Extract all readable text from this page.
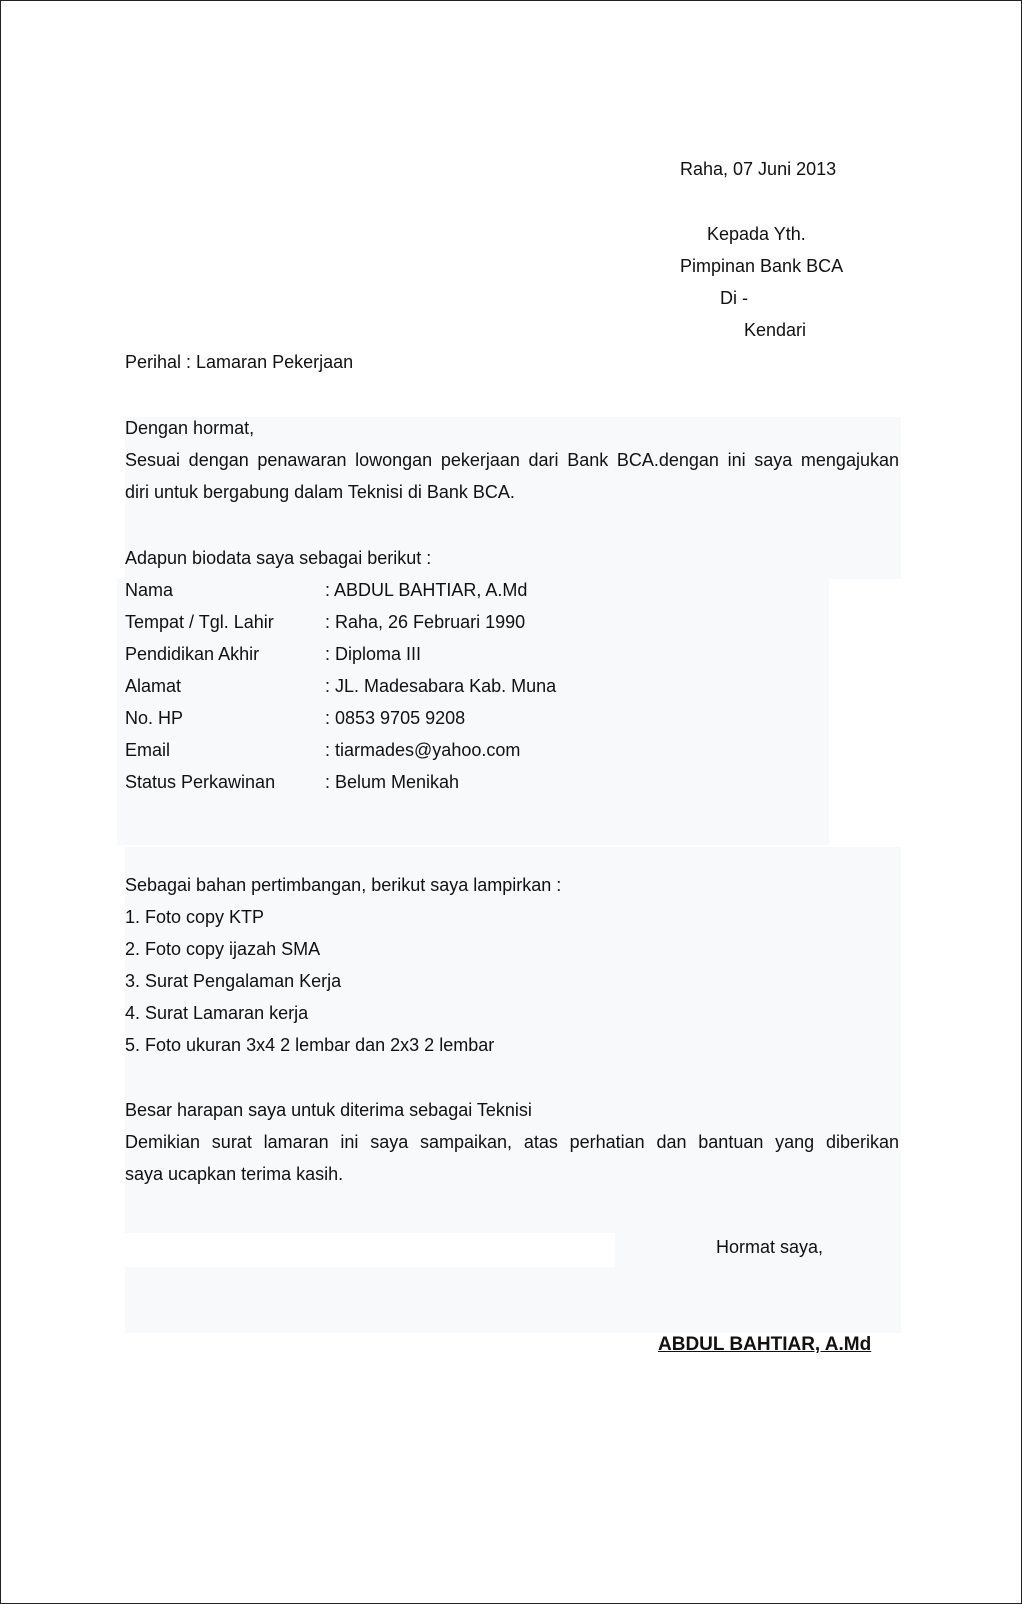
Raha, 07 Juni 2013
Kepada Yth.
Pimpinan Bank BCA
Di -
Kendari
Perihal : Lamaran Pekerjaan
Dengan hormat,
Sesuai dengan penawaran lowongan pekerjaan dari Bank BCA.dengan ini saya mengajukan
diri untuk bergabung dalam Teknisi di Bank BCA.
Adapun biodata saya sebagai berikut :
Nama	: ABDUL BAHTIAR, A.Md
Tempat / Tgl. Lahir	: Raha, 26 Februari 1990
Pendidikan Akhir	: Diploma III
Alamat	: JL. Madesabara Kab. Muna
No. HP	: 0853 9705 9208
Email	: tiarmades@yahoo.com
Status Perkawinan	: Belum Menikah
Sebagai bahan pertimbangan, berikut saya lampirkan :
1. Foto copy KTP
2. Foto copy ijazah SMA
3. Surat Pengalaman Kerja
4. Surat Lamaran kerja
5. Foto ukuran 3x4 2 lembar dan 2x3 2 lembar
Besar harapan saya untuk diterima sebagai Teknisi
Demikian surat lamaran ini saya sampaikan, atas perhatian dan bantuan yang diberikan
saya ucapkan terima kasih.
Hormat saya,
ABDUL BAHTIAR, A.Md
